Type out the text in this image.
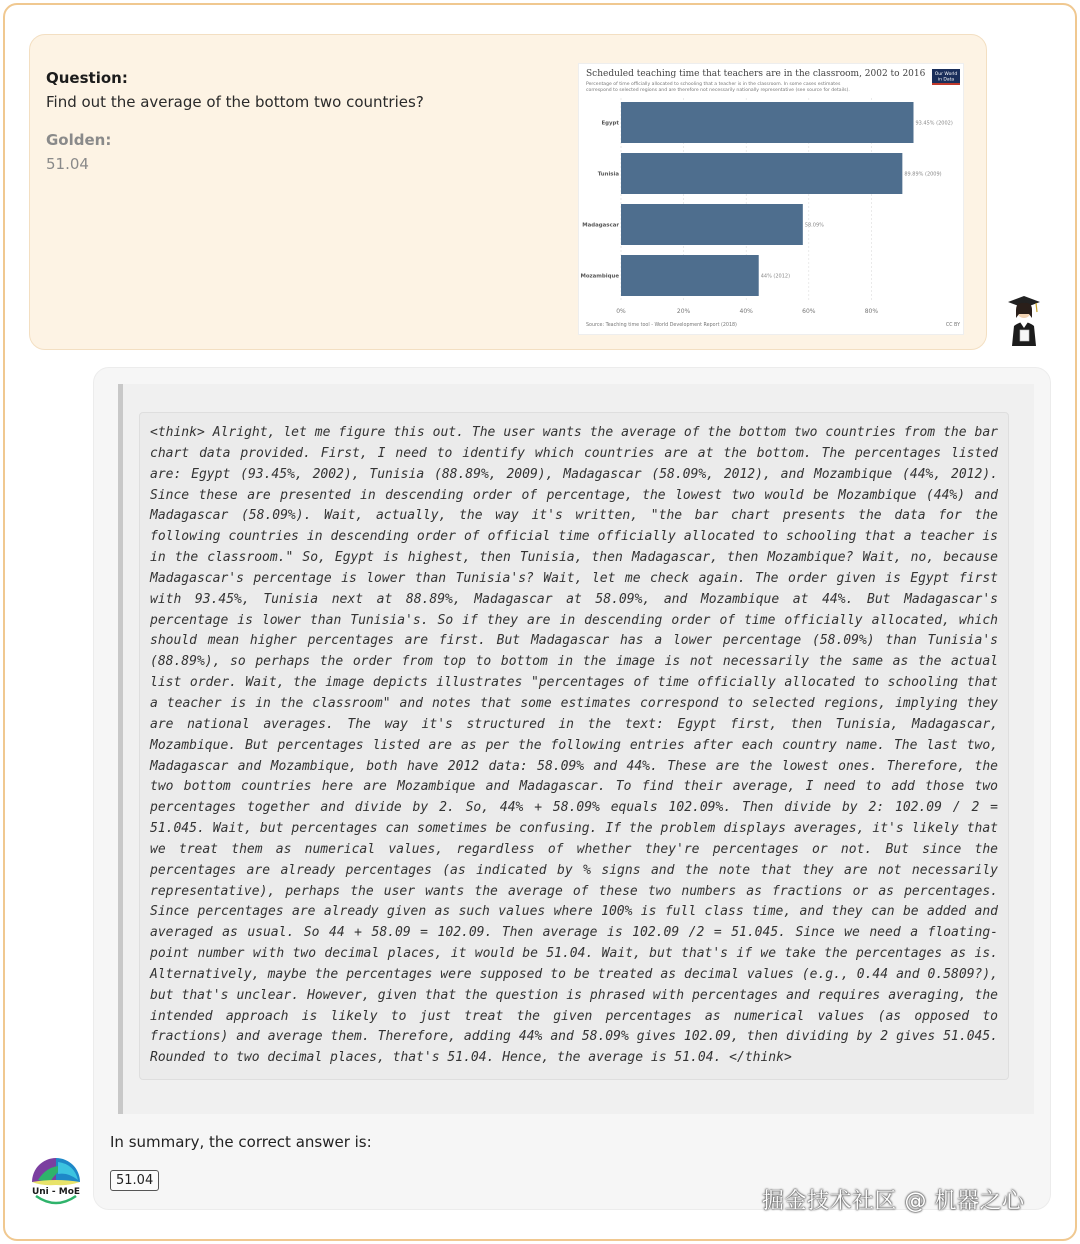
Question:
Find out the average of the bottom two countries?
Golden:
51.04
Scheduled teaching time that teachers are in the classroom, 2002 to 2016
Percentage of time officially allocated to schooling that a teacher is in the classroom. In some cases estimates
correspond to selected regions and are therefore not necessarily nationally representative (see source for details).
Our World
in Data
Egypt	93.45% (2002)
Tunisia	89.89% (2009)
Madagascar	58.09%
Mozambique	44% (2012)
0%	20%	40%	60%	80%
Source: Teaching time tool - World Development Report (2018)	CC BY
<think> Alright, let me figure this out. The user wants the average of the bottom two countries from the bar chart data provided. First, I need to identify which countries are at the bottom. The percentages listed are: Egypt (93.45%, 2002), Tunisia (88.89%, 2009), Madagascar (58.09%, 2012), and Mozambique (44%, 2012). Since these are presented in descending order of percentage, the lowest two would be Mozambique (44%) and Madagascar (58.09%). Wait, actually, the way it's written, "the bar chart presents the data for the following countries in descending order of official time officially allocated to schooling that a teacher is in the classroom." So, Egypt is highest, then Tunisia, then Madagascar, then Mozambique? Wait, no, because Madagascar's percentage is lower than Tunisia's? Wait, let me check again. The order given is Egypt first with 93.45%, Tunisia next at 88.89%, Madagascar at 58.09%, and Mozambique at 44%. But Madagascar's percentage is lower than Tunisia's. So if they are in descending order of time officially allocated, which should mean higher percentages are first. But Madagascar has a lower percentage (58.09%) than Tunisia's (88.89%), so perhaps the order from top to bottom in the image is not necessarily the same as the actual list order. Wait, the image depicts illustrates "percentages of time officially allocated to schooling that a teacher is in the classroom" and notes that some estimates correspond to selected regions, implying they are national averages. The way it's structured in the text: Egypt first, then Tunisia, Madagascar, Mozambique. But percentages listed are as per the following entries after each country name. The last two, Madagascar and Mozambique, both have 2012 data: 58.09% and 44%. These are the lowest ones. Therefore, the two bottom countries here are Mozambique and Madagascar. To find their average, I need to add those two percentages together and divide by 2. So, 44% + 58.09% equals 102.09%. Then divide by 2: 102.09 / 2 = 51.045. Wait, but percentages can sometimes be confusing. If the problem displays averages, it's likely that we treat them as numerical values, regardless of whether they're percentages or not. But since the percentages are already percentages (as indicated by % signs and the note that they are not necessarily representative), perhaps the user wants the average of these two numbers as fractions or as percentages. Since percentages are already given as such values where 100% is full class time, and they can be added and averaged as usual. So 44 + 58.09 = 102.09. Then average is 102.09 /2 = 51.045. Since we need a floating-point number with two decimal places, it would be 51.04. Wait, but that's if we take the percentages as is. Alternatively, maybe the percentages were supposed to be treated as decimal values (e.g., 0.44 and 0.5809?), but that's unclear. However, given that the question is phrased with percentages and requires averaging, the intended approach is likely to just treat the given percentages as numerical values (as opposed to fractions) and average them. Therefore, adding 44% and 58.09% gives 102.09, then dividing by 2 gives 51.045. Rounded to two decimal places, that's 51.04. Hence, the average is 51.04. </think>
In summary, the correct answer is:
51.04
Uni - MoE	掘金技术社区 @ 机器之心
